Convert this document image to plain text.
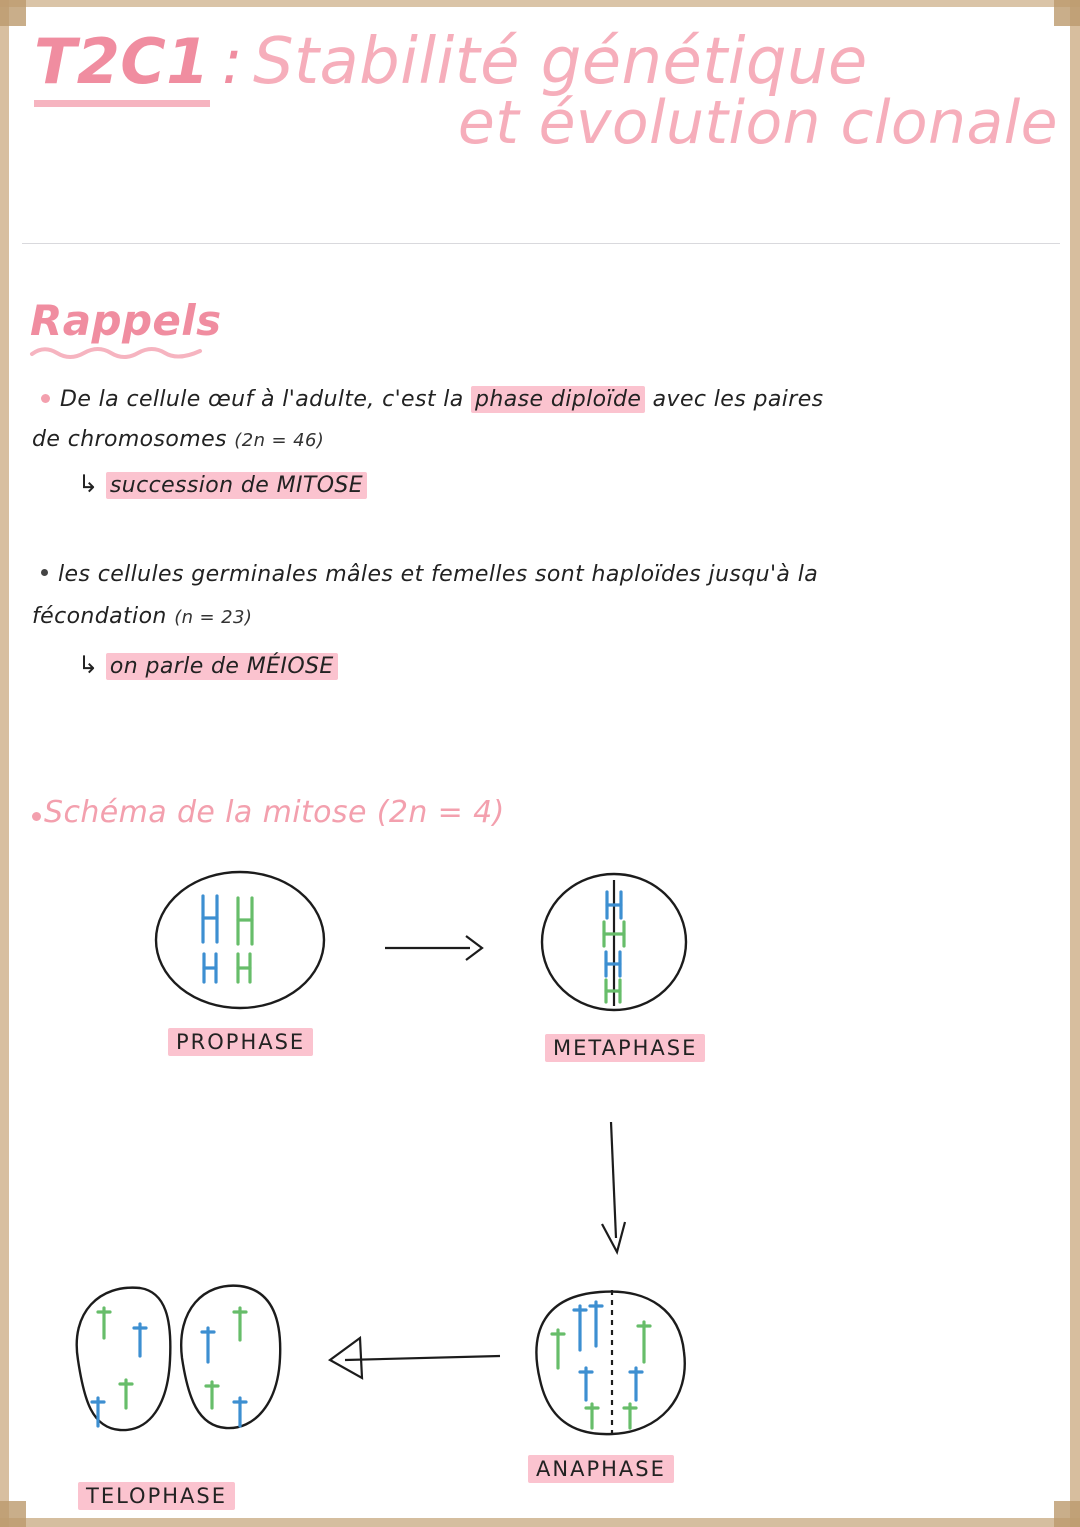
T2C1 : Stabilité génétique
et évolution clonale
Rappels
De la cellule œuf à l'adulte, c'est la phase diploïde avec les paires
de chromosomes (2n = 46)
↳ succession de MITOSE
les cellules germinales mâles et femelles sont haploïdes jusqu'à la
fécondation (n = 23)
↳ on parle de MÉIOSE
Schéma de la mitose (2n = 4)
PROPHASE	METAPHASE
ANAPHASE
TELOPHASE
